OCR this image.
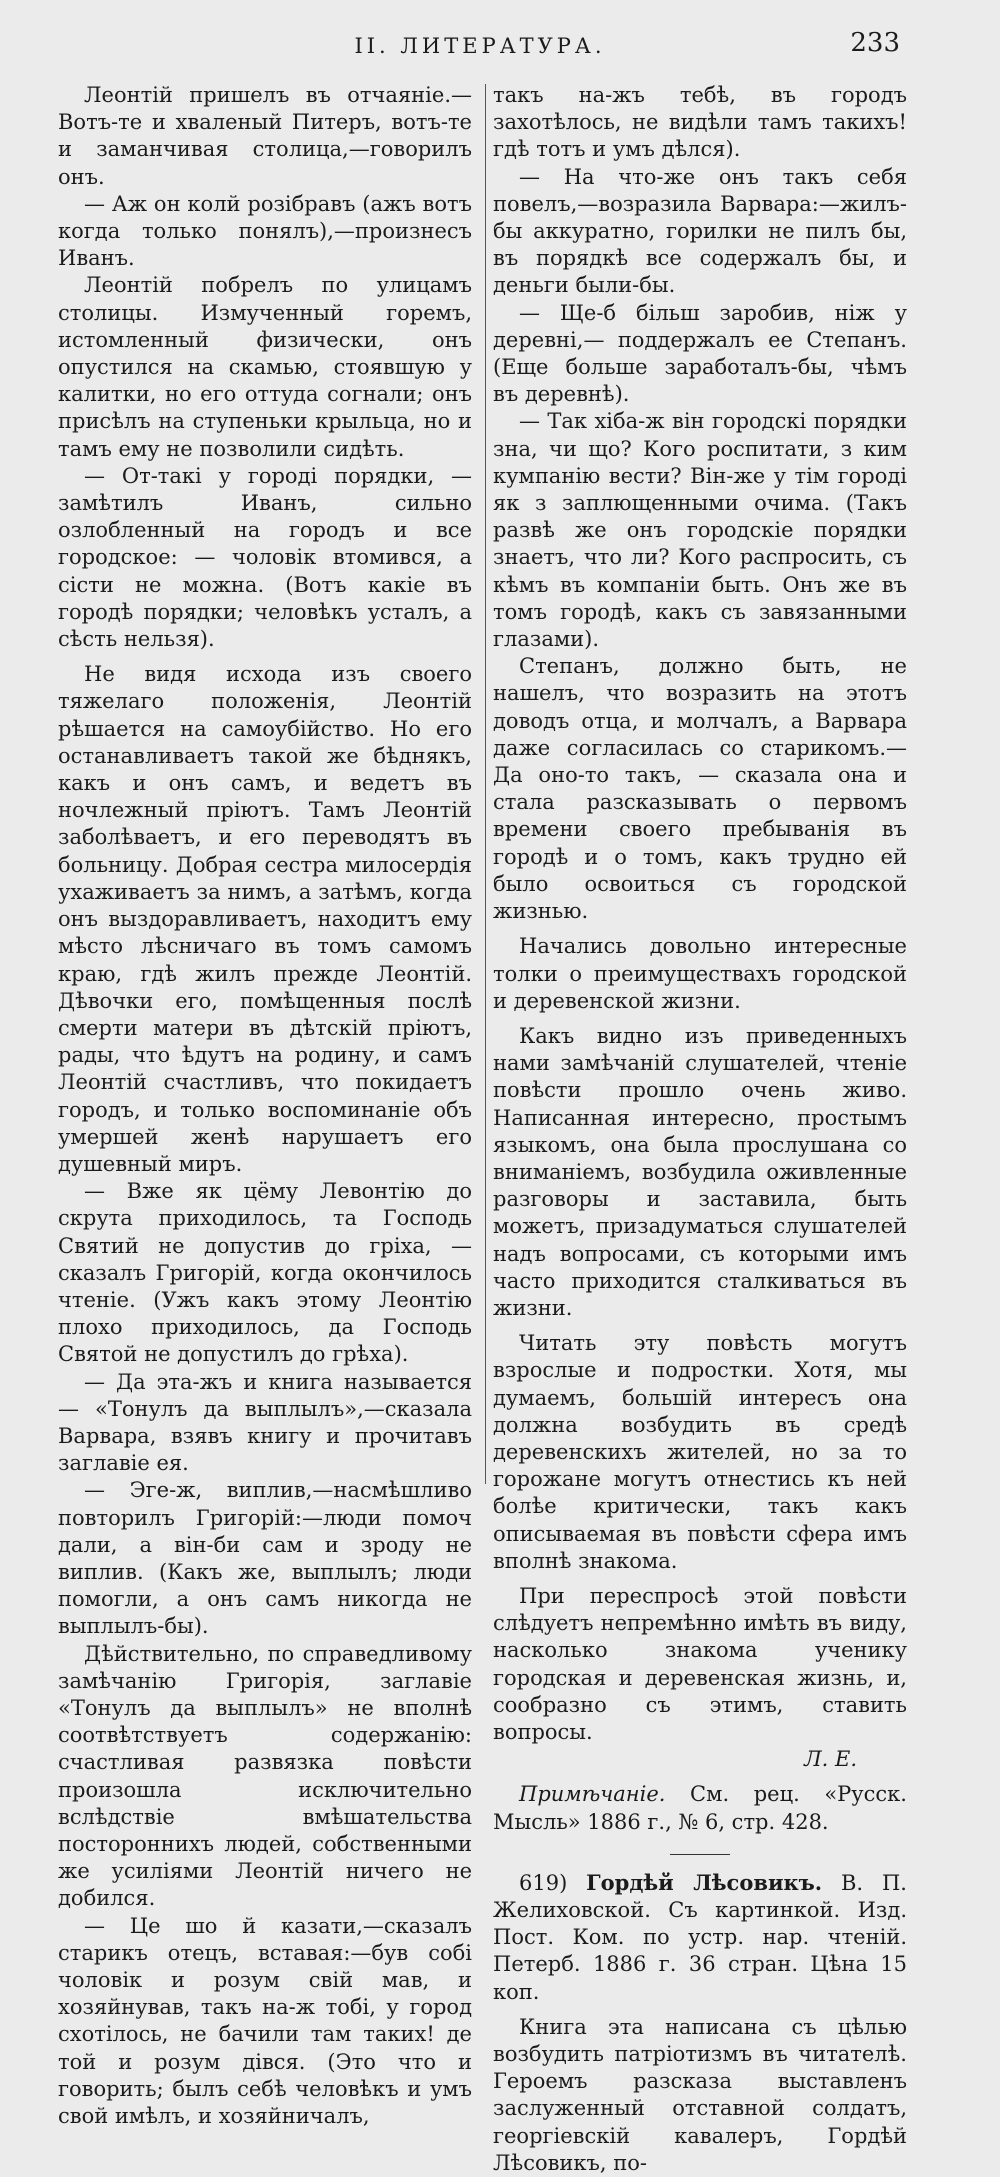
II. ЛИТЕРАТУРА.	233

Леонтiй пришелъ въ отчаянiе.— Вотъ-те и хваленый Питеръ, вотъ-те и заманчивая столица,—говорилъ онъ.

— Аж он колй розiбравъ (ажъ вотъ когда только понялъ),—произнесъ Иванъ.

Леонтiй побрелъ по улицамъ столицы. Измученный горемъ, истомленный физически, онъ опустился на скамью, стоявшую у калитки, но его оттуда согнали; онъ присѣлъ на ступеньки крыльца, но и тамъ ему не позволили сидѣть.

— От-такi у городi порядки, — замѣтилъ Иванъ, сильно озлобленный на городъ и все городское: — чоловiк втомився, а сiсти не можна. (Вотъ какiе въ городѣ порядки; человѣкъ усталъ, а сѣсть нельзя).

Не видя исхода изъ своего тяжелаго положенiя, Леонтiй рѣшается на самоубiйство. Но его останавливаетъ такой же бѣднякъ, какъ и онъ самъ, и ведетъ въ ночлежный прiютъ. Тамъ Леонтiй заболѣваетъ, и его переводятъ въ больницу. Добрая сестра милосердiя ухаживаетъ за нимъ, а затѣмъ, когда онъ выздоравливаетъ, находитъ ему мѣсто лѣсничаго въ томъ самомъ краю, гдѣ жилъ прежде Леонтiй. Дѣвочки его, помѣщенныя послѣ смерти матери въ дѣтскiй прiютъ, рады, что ѣдутъ на родину, и самъ Леонтiй счастливъ, что покидаетъ городъ, и только воспоминанiе объ умершей женѣ нарушаетъ его душевный миръ.

— Вже як цёму Левонтiю до скрута приходилось, та Господь Святий не допустив до грiха, — сказалъ Григорiй, когда окончилось чтенiе. (Ужъ какъ этому Леонтiю плохо приходилось, да Господь Святой не допустилъ до грѣха).

— Да эта-жъ и книга называется — «Тонулъ да выплылъ»,—сказала Варвара, взявъ книгу и прочитавъ заглавiе ея.

— Эге-ж, виплив,—насмѣшливо повторилъ Григорiй:—люди помоч дали, а вiн-би сам и зроду не виплив. (Какъ же, выплылъ; люди помогли, а онъ самъ никогда не выплылъ-бы).

Дѣйствительно, по справедливому замѣчанiю Григорiя, заглавiе «Тонулъ да выплылъ» не вполнѣ соотвѣтствуетъ содержанiю: счастливая развязка повѣсти произошла исключительно вслѣдствiе вмѣшательства постороннихъ людей, собственными же усилiями Леонтiй ничего не добился.

— Це шо й казати,—сказалъ старикъ отецъ, вставая:—був собi чоловiк и розум свiй мав, и хозяйнував, такъ на-ж тобi, у город схотiлось, не бачили там таких! де той и розум дiвся. (Это что и говорить; былъ себѣ человѣкъ и умъ свой имѣлъ, и хозяйничалъ,

такъ на-жъ тебѣ, въ городъ захотѣлось, не видѣли тамъ такихъ! гдѣ тотъ и умъ дѣлся).

— На что-же онъ такъ себя повелъ,—возразила Варвара:—жилъ-бы аккуратно, горилки не пилъ бы, въ порядкѣ все содержалъ бы, и деньги были-бы.

— Ще-б бiльш заробив, нiж у деревнi,— поддержалъ ее Степанъ. (Еще больше заработалъ-бы, чѣмъ въ деревнѣ).

— Так хiба-ж вiн городскi порядки зна, чи що? Кого роспитати, з ким кумпанiю вести? Вiн-же у тiм городi як з заплющенными очима. (Такъ развѣ же онъ городскiе порядки знаетъ, что ли? Кого распросить, съ кѣмъ въ компанiи быть. Онъ же въ томъ городѣ, какъ съ завязанными глазами).

Степанъ, должно быть, не нашелъ, что возразить на этотъ доводъ отца, и молчалъ, а Варвара даже согласилась со старикомъ.— Да оно-то такъ, — сказала она и стала разсказывать о первомъ времени своего пребыванiя въ городѣ и о томъ, какъ трудно ей было освоиться съ городской жизнью.

Начались довольно интересные толки о преимуществахъ городской и деревенской жизни.

Какъ видно изъ приведенныхъ нами замѣчанiй слушателей, чтенiе повѣсти прошло очень живо. Написанная интересно, простымъ языкомъ, она была прослушана со вниманiемъ, возбудила оживленные разговоры и заставила, быть можетъ, призадуматься слушателей надъ вопросами, съ которыми имъ часто приходится сталкиваться въ жизни.

Читать эту повѣсть могутъ взрослые и подростки. Хотя, мы думаемъ, большiй интересъ она должна возбудить въ средѣ деревенскихъ жителей, но за то горожане могутъ отнестись къ ней болѣе критически, такъ какъ описываемая въ повѣсти сфера имъ вполнѣ знакома.

При переспросѣ этой повѣсти слѣдуетъ непремѣнно имѣть въ виду, насколько знакома ученику городская и деревенская жизнь, и, сообразно съ этимъ, ставить вопросы.

Л. Е.

Примѣчанiе. См. рец. «Русск. Мысль» 1886 г., № 6, стр. 428.

619) Гордѣй Лѣсовикъ. В. П. Желиховской. Съ картинкой. Изд. Пост. Ком. по устр. нар. чтенiй. Петерб. 1886 г. 36 стран. Цѣна 15 коп.

Книга эта написана съ цѣлью возбудить патрiотизмъ въ читателѣ. Героемъ разсказа выставленъ заслуженный отставной солдатъ, георгiевскiй кавалеръ, Гордѣй Лѣсовикъ, по-
